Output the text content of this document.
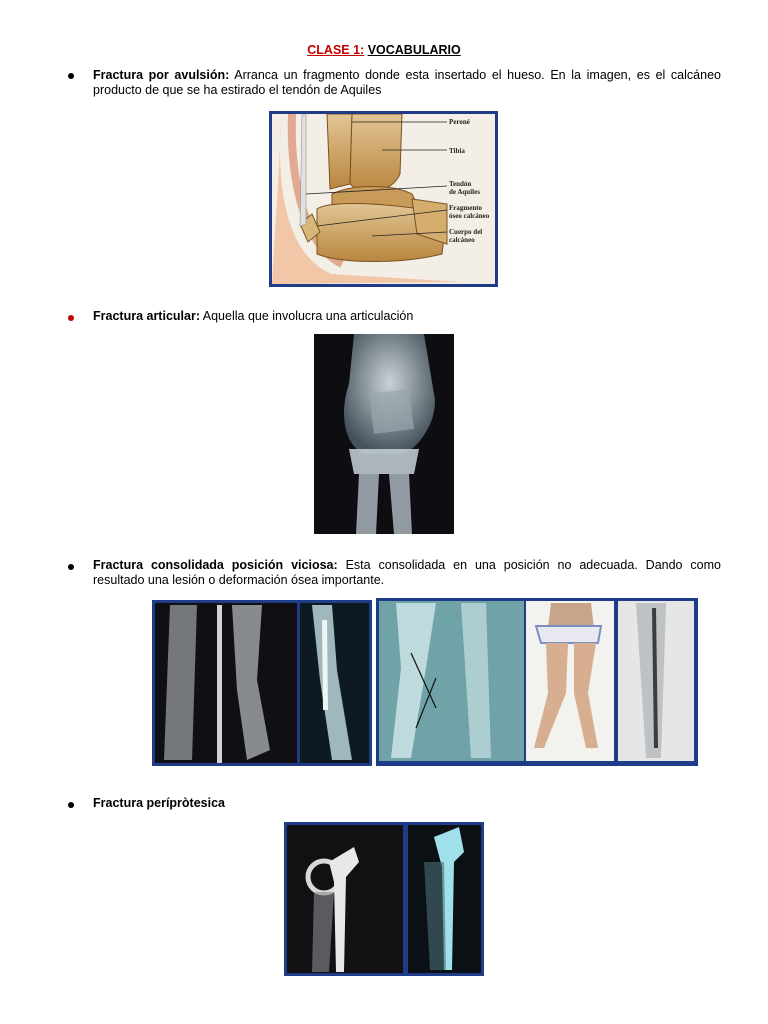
CLASE 1: VOCABULARIO
Fractura por avulsión: Arranca un fragmento donde esta insertado el hueso. En la imagen, es el calcáneo producto de que se ha estirado el tendón de Aquiles
Peroné
Tibia
Tendón
de Aquiles
Fragmento
óseo calcáneo
Cuerpo del
calcáneo
Fractura articular: Aquella que involucra una articulación
Fractura consolidada posición viciosa: Esta consolidada en una posición no adecuada. Dando como resultado una lesión o deformación ósea importante.
Fractura perípròtesica
